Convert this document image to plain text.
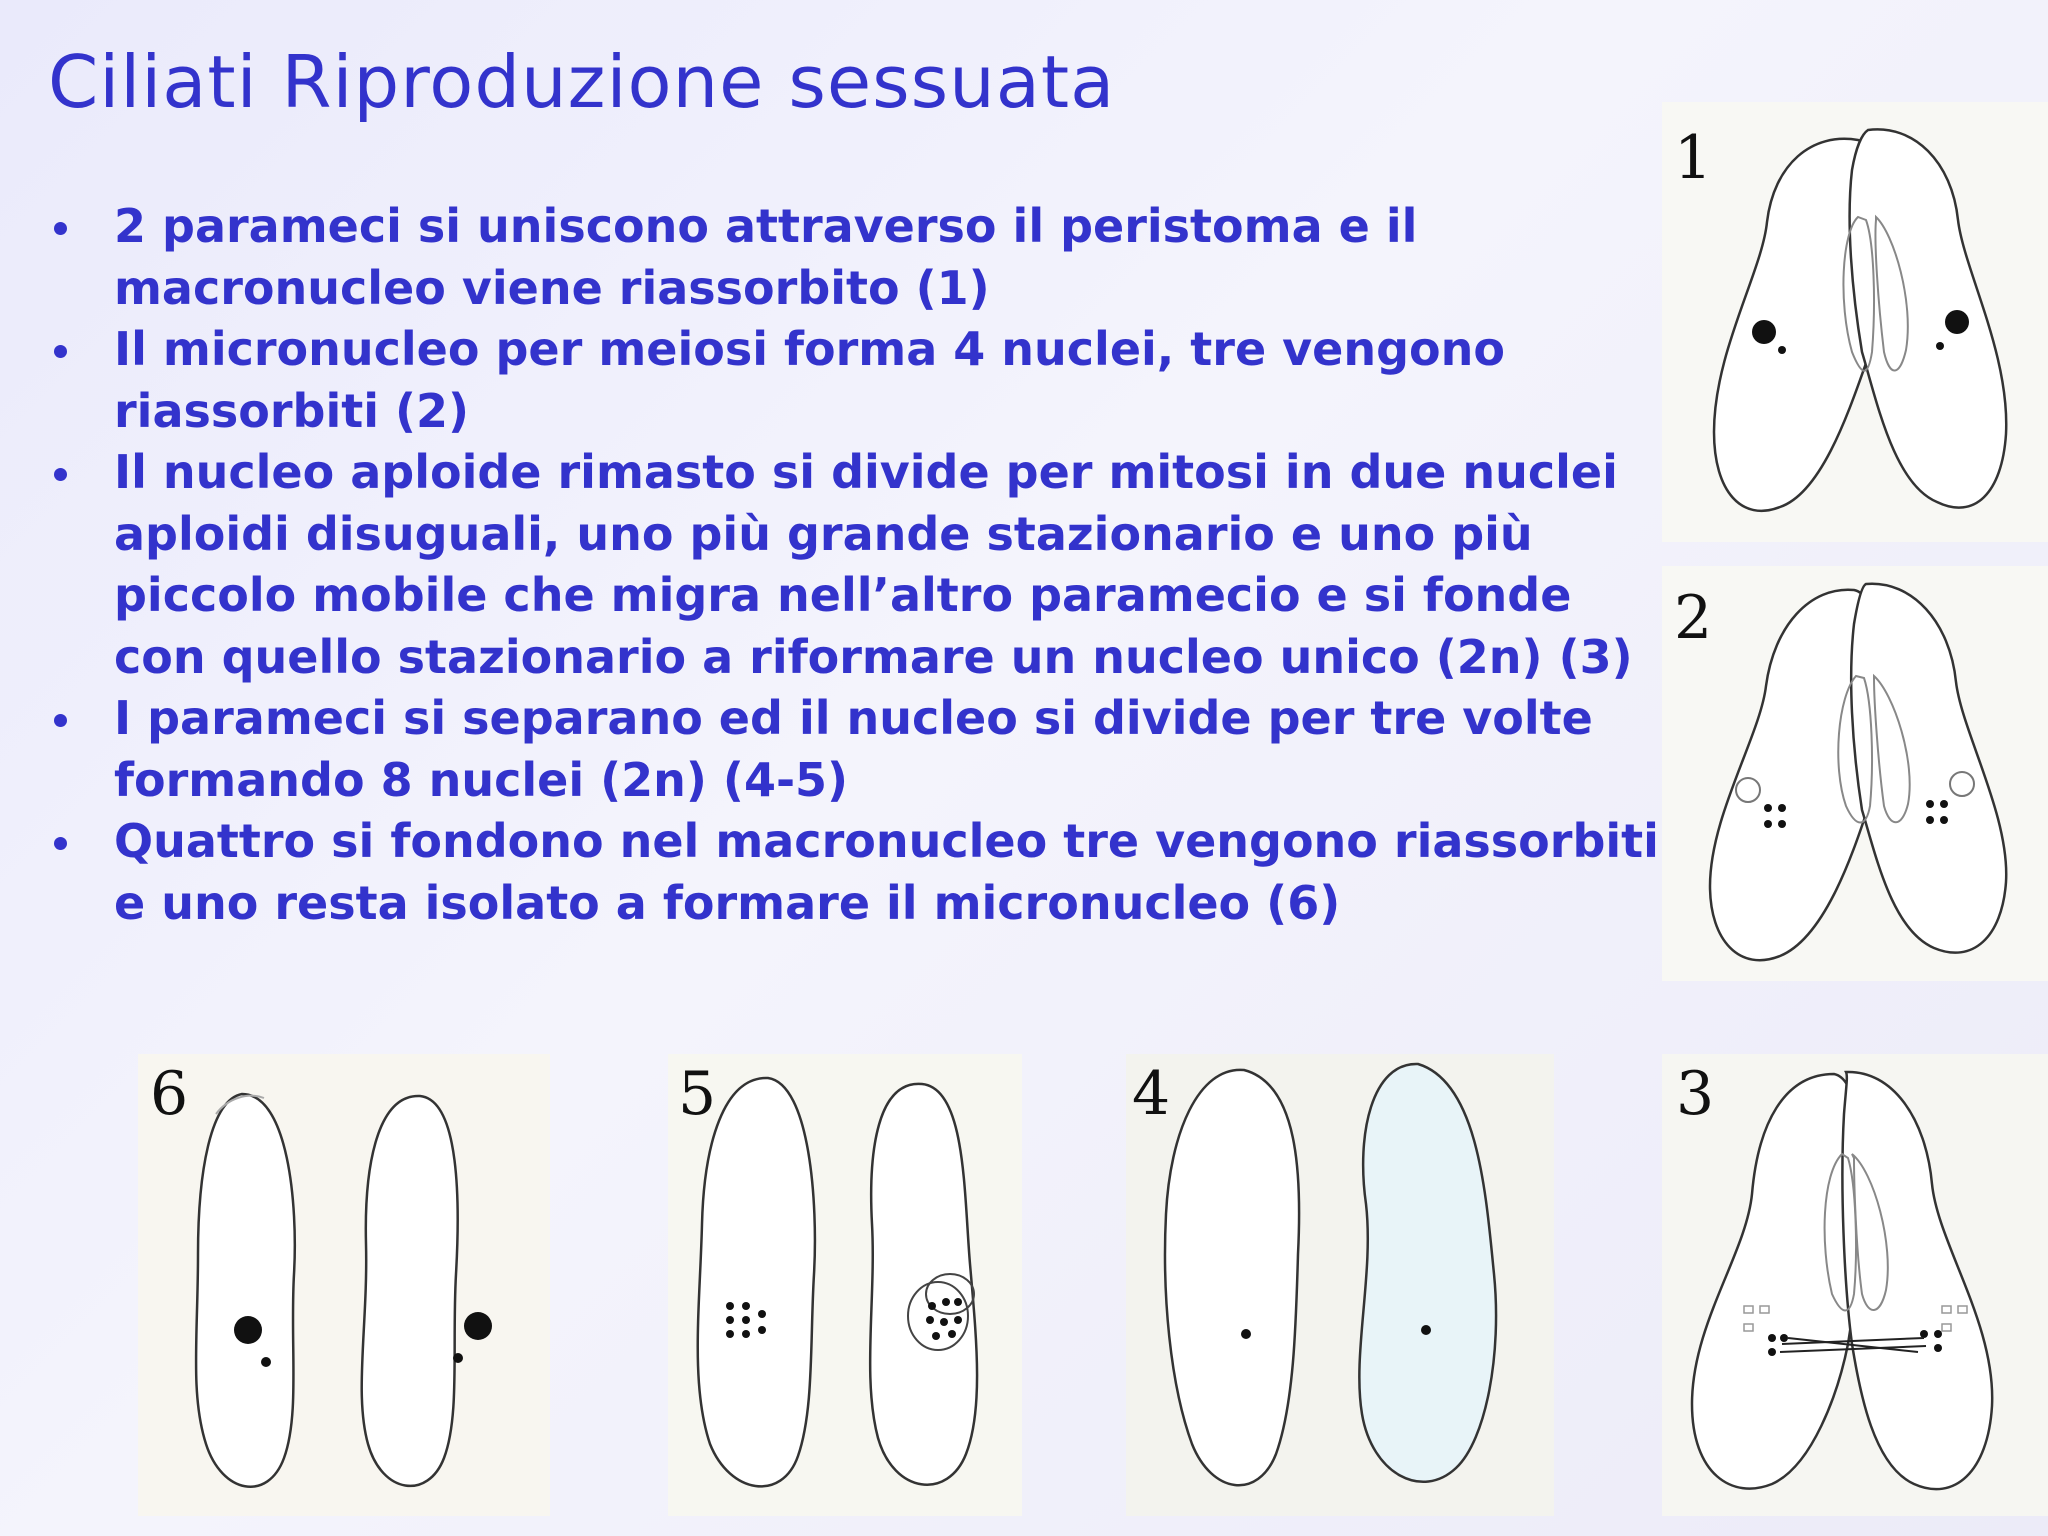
Ciliati Riproduzione sessuata
2 parameci si uniscono attraverso il peristoma e il macronucleo viene riassorbito (1)
Il micronucleo per meiosi forma 4 nuclei, tre vengono riassorbiti (2)
Il nucleo aploide rimasto si divide per mitosi in due nuclei aploidi disuguali, uno più grande stazionario e uno più piccolo mobile che migra nell’altro paramecio e si fonde con quello stazionario a riformare un nucleo unico (2n) (3)
I parameci si separano ed il nucleo si divide per tre volte formando 8 nuclei (2n) (4-5)
Quattro si fondono nel macronucleo tre vengono riassorbiti e uno resta isolato a formare il micronucleo (6)
1
2
3
4
5
6
